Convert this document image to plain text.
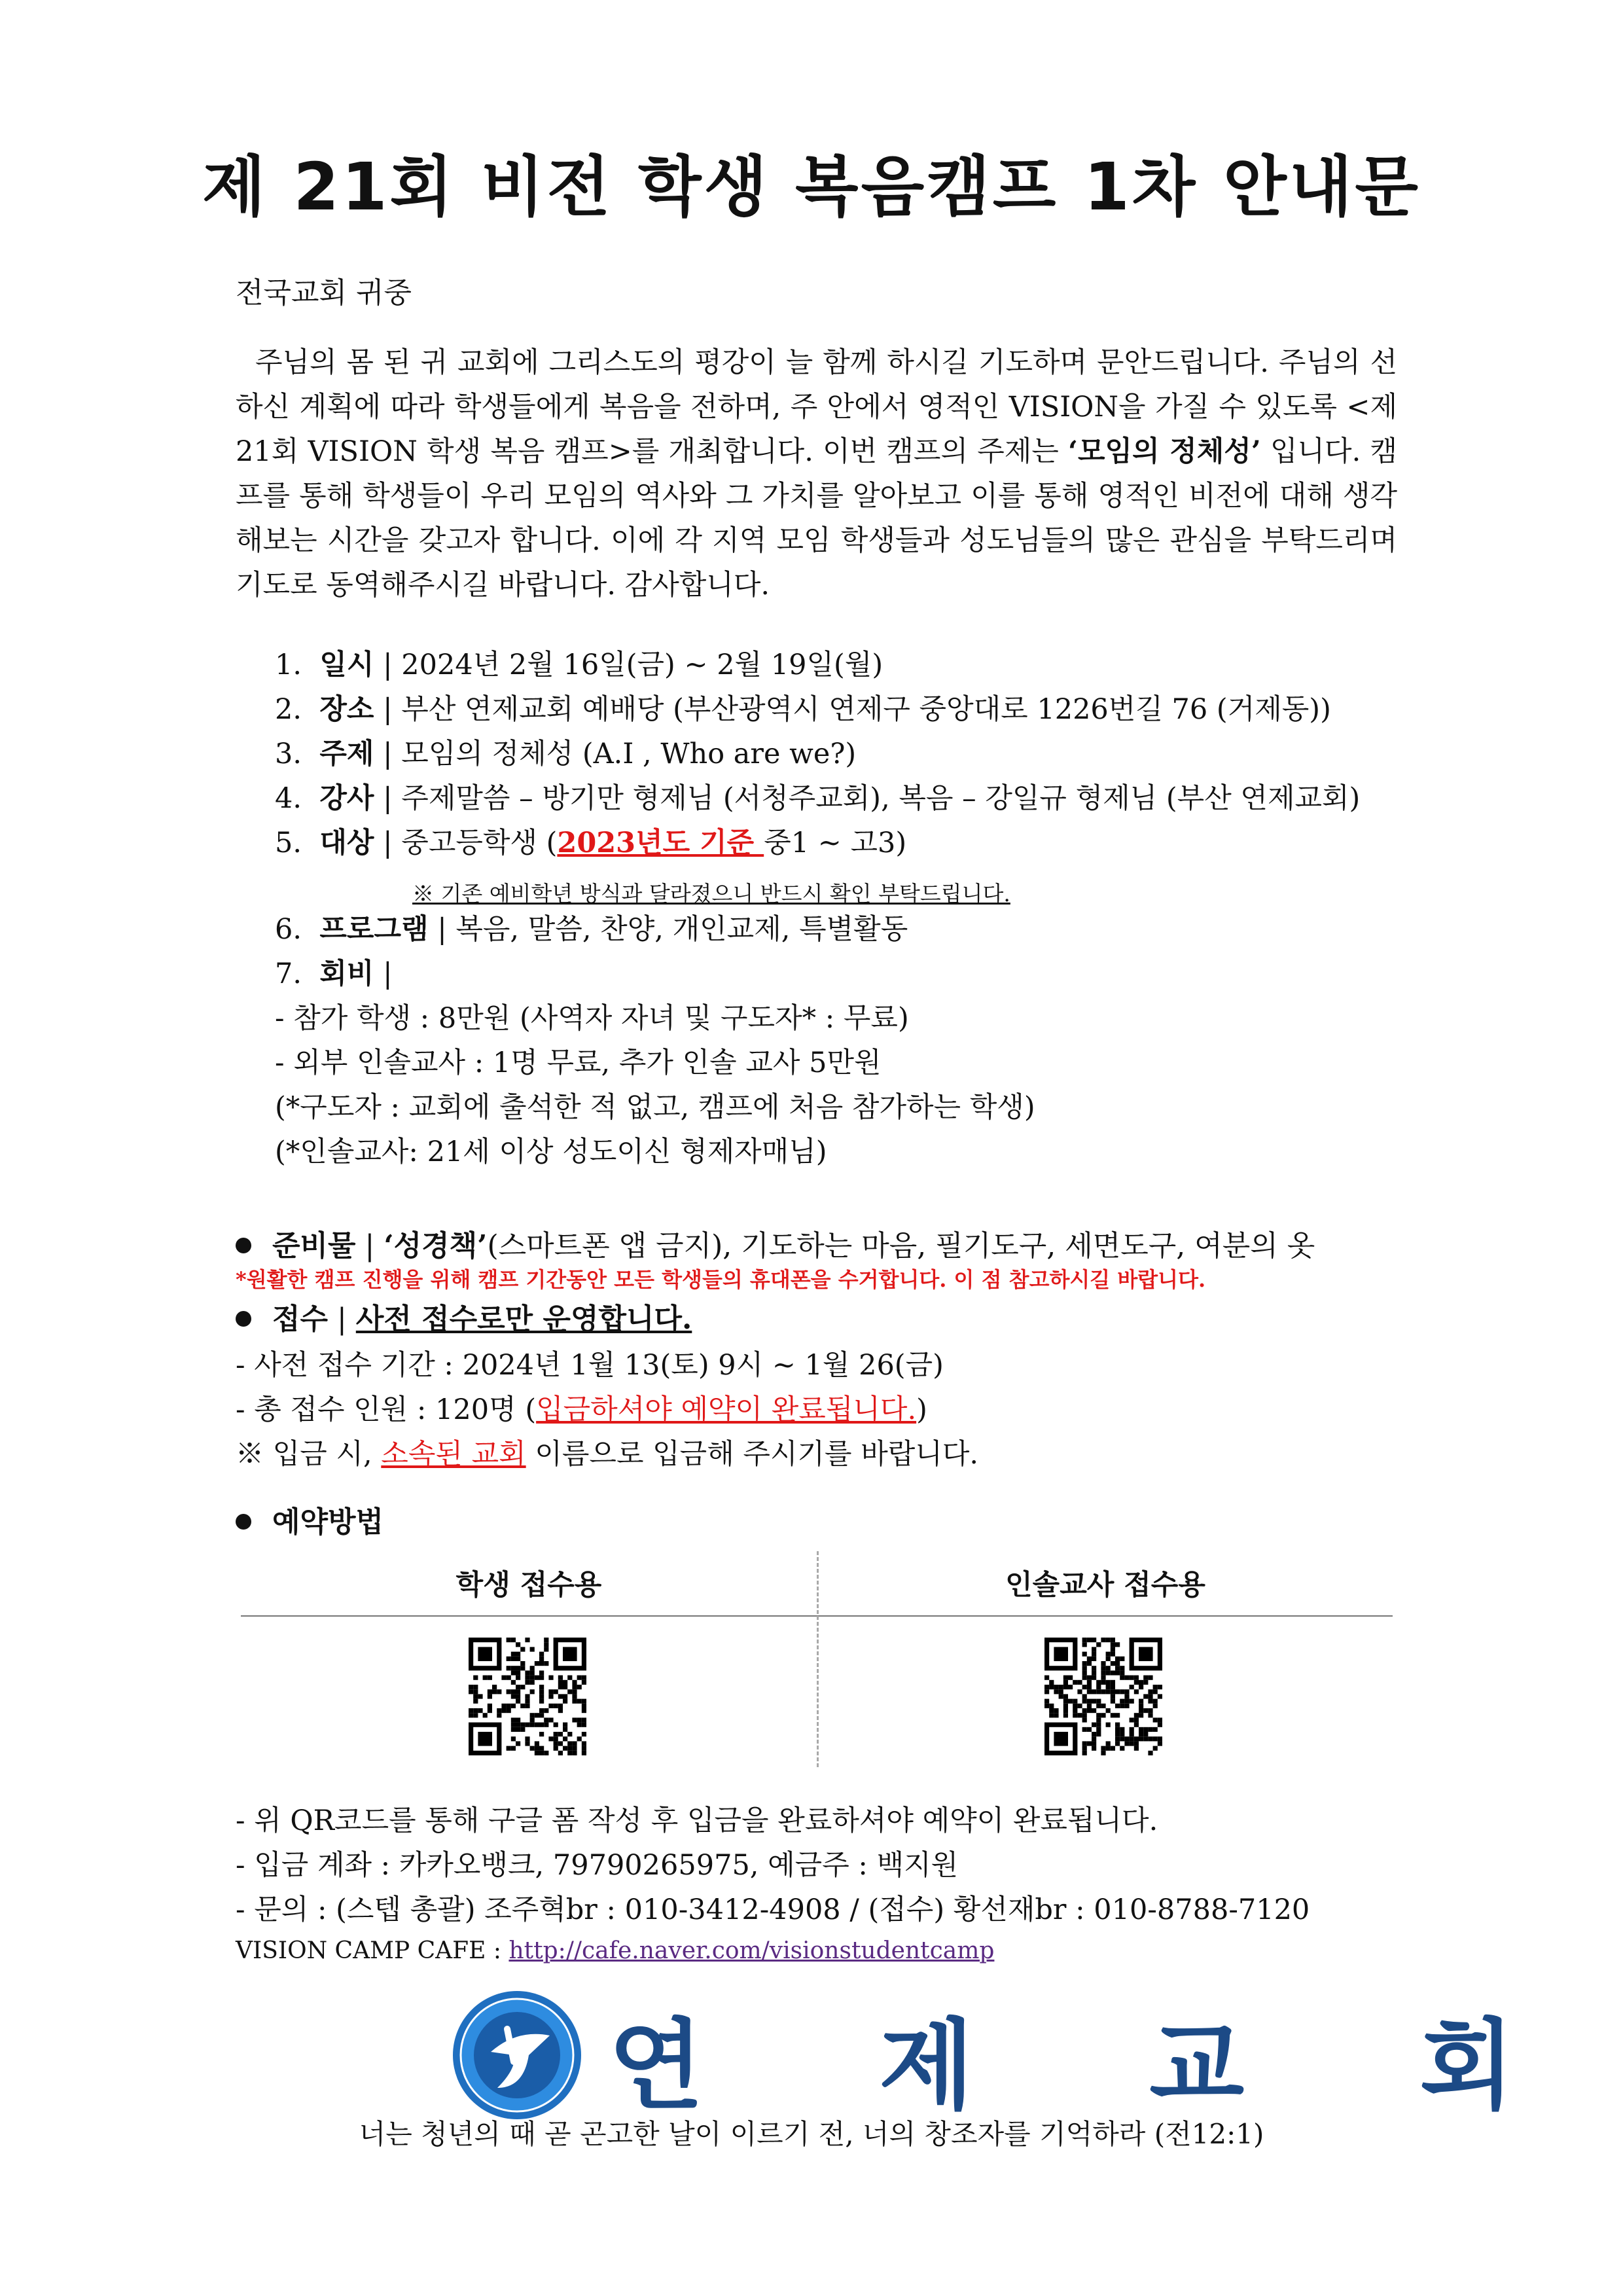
제 21회 비전 학생 복음캠프 1차 안내문
전국교회 귀중
주님의 몸 된 귀 교회에 그리스도의 평강이 늘 함께 하시길 기도하며 문안드립니다. 주님의 선하신 계획에 따라 학생들에게 복음을 전하며, 주 안에서 영적인 VISION을 가질 수 있도록 <제 21회 VISION 학생 복음 캠프>를 개최합니다. 이번 캠프의 주제는 ‘모임의 정체성’ 입니다. 캠프를 통해 학생들이 우리 모임의 역사와 그 가치를 알아보고 이를 통해 영적인 비전에 대해 생각해보는 시간을 갖고자 합니다. 이에 각 지역 모임 학생들과 성도님들의 많은 관심을 부탁드리며 기도로 동역해주시길 바랍니다. 감사합니다.
1. 일시 | 2024년 2월 16일(금) ~ 2월 19일(월)
2. 장소 | 부산 연제교회 예배당 (부산광역시 연제구 중앙대로 1226번길 76 (거제동))
3. 주제 | 모임의 정체성 (A.I , Who are we?)
4. 강사 | 주제말씀 – 방기만 형제님 (서청주교회), 복음 – 강일규 형제님 (부산 연제교회)
5. 대상 | 중고등학생 (2023년도 기준 중1 ~ 고3)
※ 기존 예비학년 방식과 달라졌으니 반드시 확인 부탁드립니다.
6. 프로그램 | 복음, 말씀, 찬양, 개인교제, 특별활동
7. 회비 |
- 참가 학생 : 8만원 (사역자 자녀 및 구도자* : 무료)
- 외부 인솔교사 : 1명 무료, 추가 인솔 교사 5만원
(*구도자 : 교회에 출석한 적 없고, 캠프에 처음 참가하는 학생)
(*인솔교사: 21세 이상 성도이신 형제자매님)
준비물 | ‘성경책’(스마트폰 앱 금지), 기도하는 마음, 필기도구, 세면도구, 여분의 옷
*원활한 캠프 진행을 위해 캠프 기간동안 모든 학생들의 휴대폰을 수거합니다. 이 점 참고하시길 바랍니다.
접수 | 사전 접수로만 운영합니다.
- 사전 접수 기간 : 2024년 1월 13(토) 9시 ~ 1월 26(금)
- 총 접수 인원 : 120명 (입금하셔야 예약이 완료됩니다.)
※ 입금 시, 소속된 교회 이름으로 입금해 주시기를 바랍니다.
예약방법
학생 접수용	인솔교사 접수용
- 위 QR코드를 통해 구글 폼 작성 후 입금을 완료하셔야 예약이 완료됩니다.
- 입금 계좌 : 카카오뱅크, 79790265975, 예금주 : 백지원
- 문의 : (스텝 총괄) 조주혁br : 010-3412-4908 / (접수) 황선재br : 010-8788-7120
VISION CAMP CAFE : http://cafe.naver.com/visionstudentcamp
연 제 교 회
너는 청년의 때 곧 곤고한 날이 이르기 전, 너의 창조자를 기억하라 (전12:1)
